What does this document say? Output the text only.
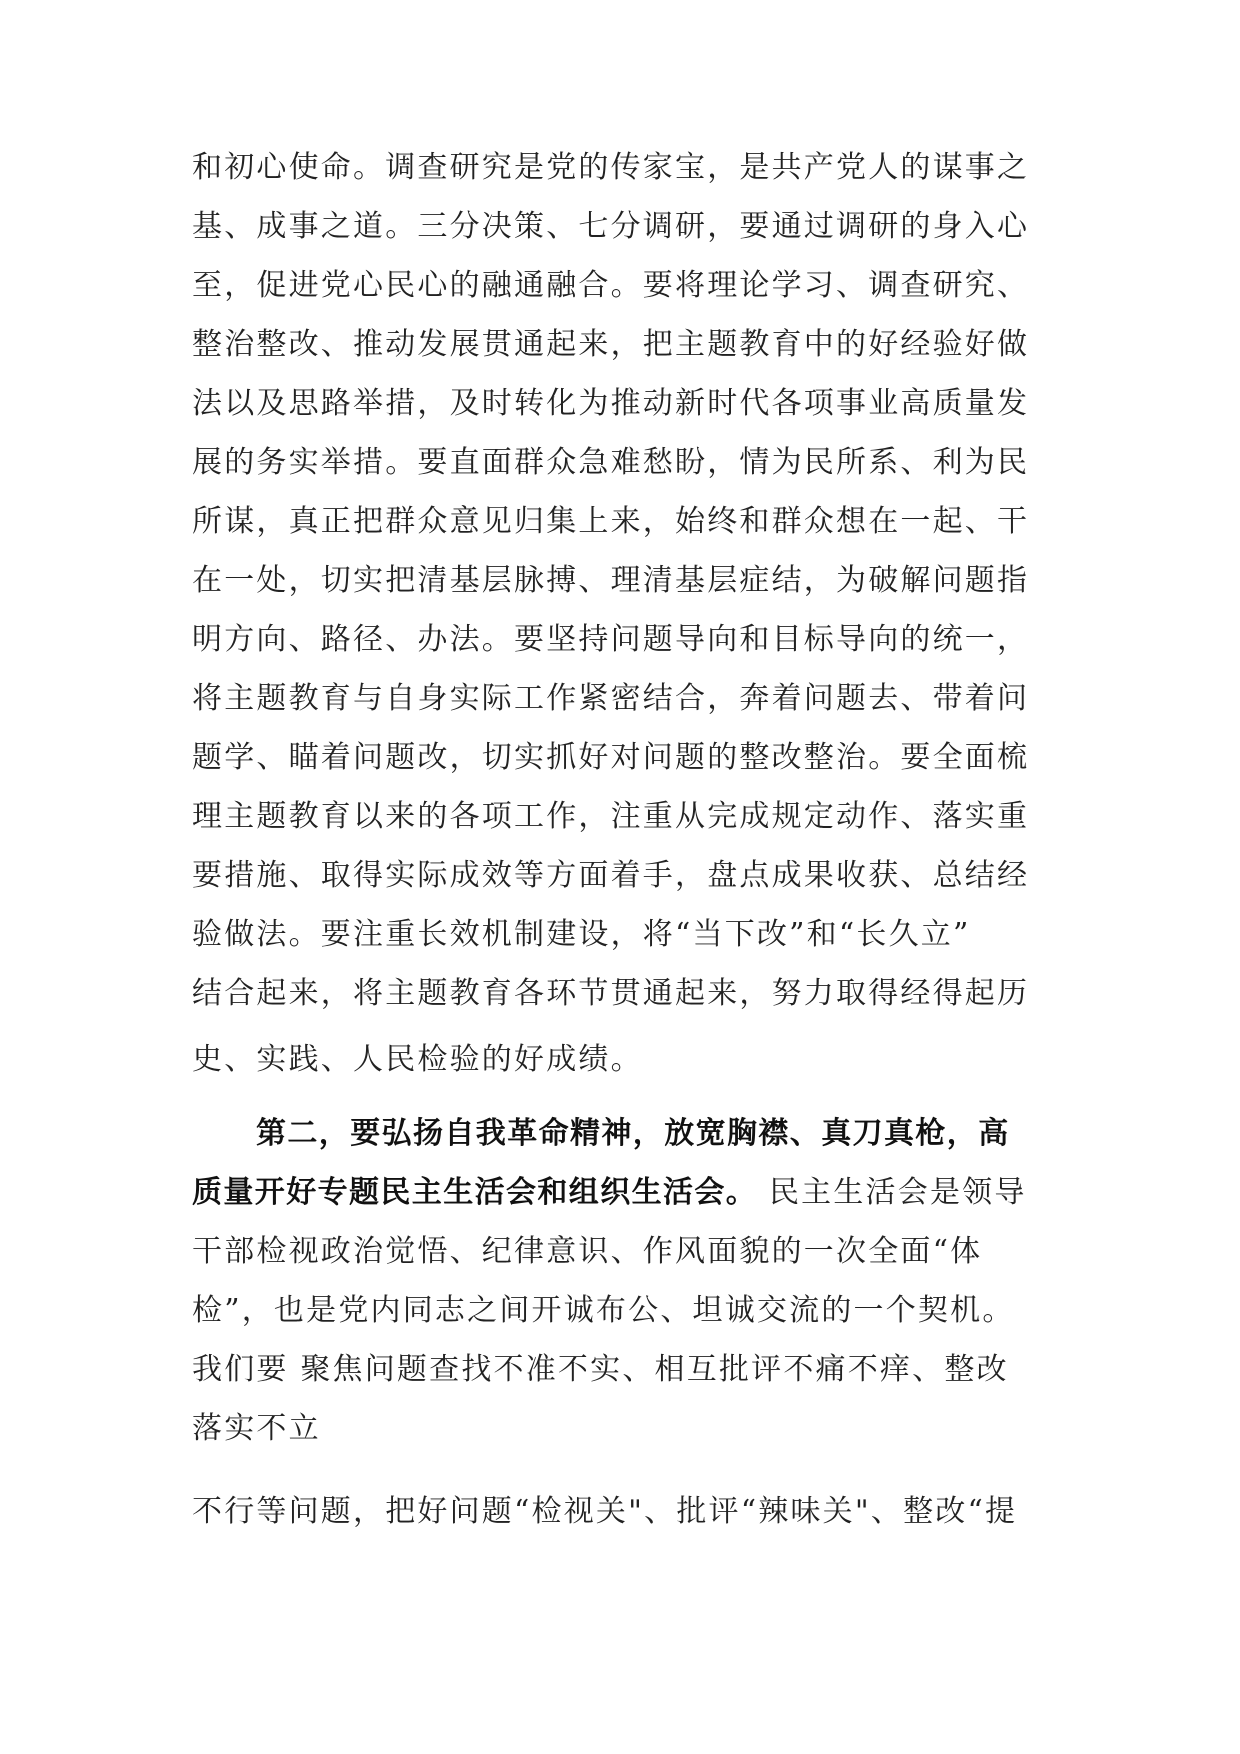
和初心使命。调查研究是党的传家宝，是共产党人的谋事之
基、成事之道。三分决策、七分调研，要通过调研的身入心
至，促进党心民心的融通融合。要将理论学习、调查研究、
整治整改、推动发展贯通起来，把主题教育中的好经验好做
法以及思路举措，及时转化为推动新时代各项事业高质量发
展的务实举措。要直面群众急难愁盼，情为民所系、利为民
所谋，真正把群众意见归集上来，始终和群众想在一起、干
在一处，切实把清基层脉搏、理清基层症结，为破解问题指
明方向、路径、办法。要坚持问题导向和目标导向的统一，
将主题教育与自身实际工作紧密结合，奔着问题去、带着问
题学、瞄着问题改，切实抓好对问题的整改整治。要全面梳
理主题教育以来的各项工作，注重从完成规定动作、落实重
要措施、取得实际成效等方面着手，盘点成果收获、总结经
验做法。要注重长效机制建设，将“当下改”和“长久立”
结合起来，将主题教育各环节贯通起来，努力取得经得起历
史、实践、人民检验的好成绩。
第二，要弘扬自我革命精神，放宽胸襟、真刀真枪，高
质量开好专题民主生活会和组织生活会。 民主生活会是领导
干部检视政治觉悟、纪律意识、作风面貌的一次全面“体
检”，也是党内同志之间开诚布公、坦诚交流的一个契机。
我们要 聚焦问题查找不准不实、相互批评不痛不痒、整改
落实不立
不行等问题，把好问题“检视关"、批评“辣味关"、整改“提
